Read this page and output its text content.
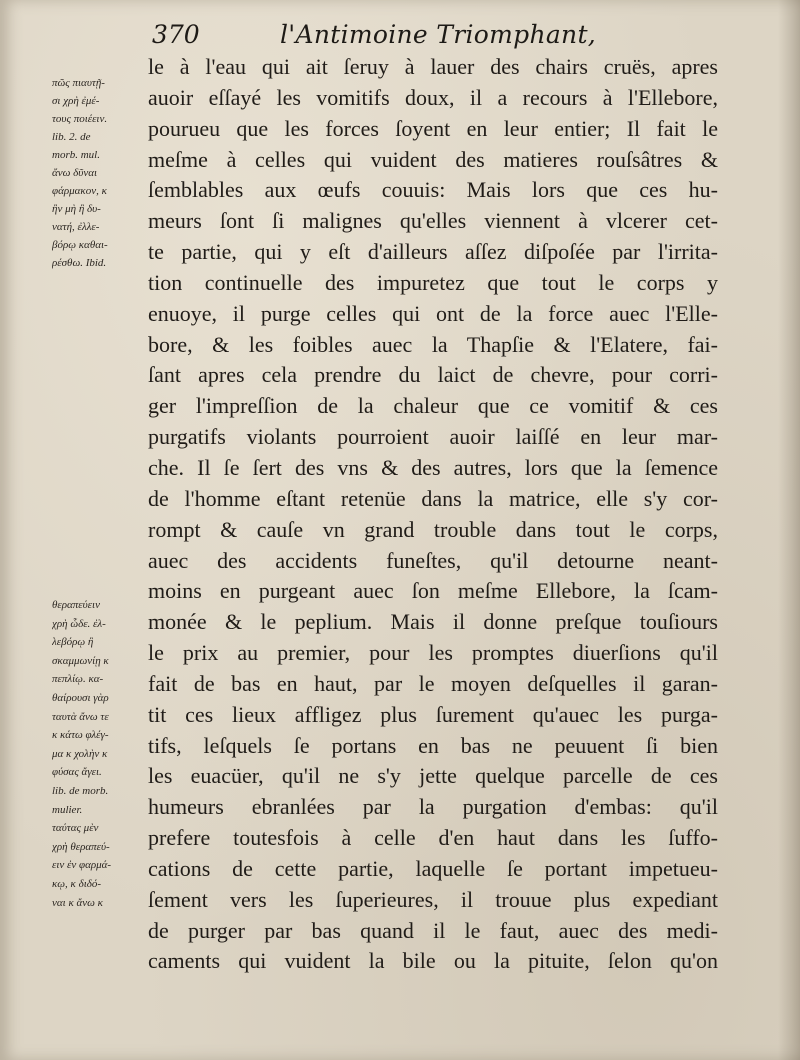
370	l'Antimoine Triomphant,
πῶς πιαυτῇ-
σι χρὴ ἐμέ-
τους ποιέειν.
lib. 2. de
morb. mul.
ἄνω δῦναι
φάρμακον, κ
ἢν μὴ ἢ δυ-
νατή, ἐλλε-
βόρῳ καθαι-
ρέσθω. Ibid.
θεραπεύειν
χρὴ ὧδε. ἐλ-
λεβόρῳ ἢ
σκαμμωνίῃ κ
πεπλίῳ. κα-
θαίρουσι γὰρ
ταυτὰ ἄνω τε
κ κάτω φλέγ-
μα κ χολὴν κ
φύσας ἄγει.
lib. de morb.
mulier.
ταύτας μὲν
χρὴ θεραπεύ-
ειν ἐν φαρμά-
κῳ, κ διδό-
ναι κ ἄνω κ
le à l'eau qui ait ſeruy à lauer des chairs cruës, apres
auoir eſſayé les vomitifs doux, il a recours à l'Ellebore,
pourueu que les forces ſoyent en leur entier; Il fait le
meſme à celles qui vuident des matieres rouſsâtres &
ſemblables aux œufs couuis: Mais lors que ces hu-
meurs ſont ſi malignes qu'elles viennent à vlcerer cet-
te partie, qui y eſt d'ailleurs aſſez diſpoſée par l'irrita-
tion continuelle des impuretez que tout le corps y
enuoye, il purge celles qui ont de la force auec l'Elle-
bore, & les foibles auec la Thapſie & l'Elatere, fai-
ſant apres cela prendre du laict de chevre, pour corri-
ger l'impreſſion de la chaleur que ce vomitif & ces
purgatifs violants pourroient auoir laiſſé en leur mar-
che. Il ſe ſert des vns & des autres, lors que la ſemence
de l'homme eſtant retenüe dans la matrice, elle s'y cor-
rompt & cauſe vn grand trouble dans tout le corps,
auec des accidents funeſtes, qu'il detourne neant-
moins en purgeant auec ſon meſme Ellebore, la ſcam-
monée & le peplium. Mais il donne preſque touſiours
le prix au premier, pour les promptes diuerſions qu'il
fait de bas en haut, par le moyen deſquelles il garan-
tit ces lieux affligez plus ſurement qu'auec les purga-
tifs, leſquels ſe portans en bas ne peuuent ſi bien
les euacüer, qu'il ne s'y jette quelque parcelle de ces
humeurs ebranlées par la purgation d'embas: qu'il
prefere toutesfois à celle d'en haut dans les ſuffo-
cations de cette partie, laquelle ſe portant impetueu-
ſement vers les ſuperieures, il trouue plus expediant
de purger par bas quand il le faut, auec des medi-
caments qui vuident la bile ou la pituite, ſelon qu'on
